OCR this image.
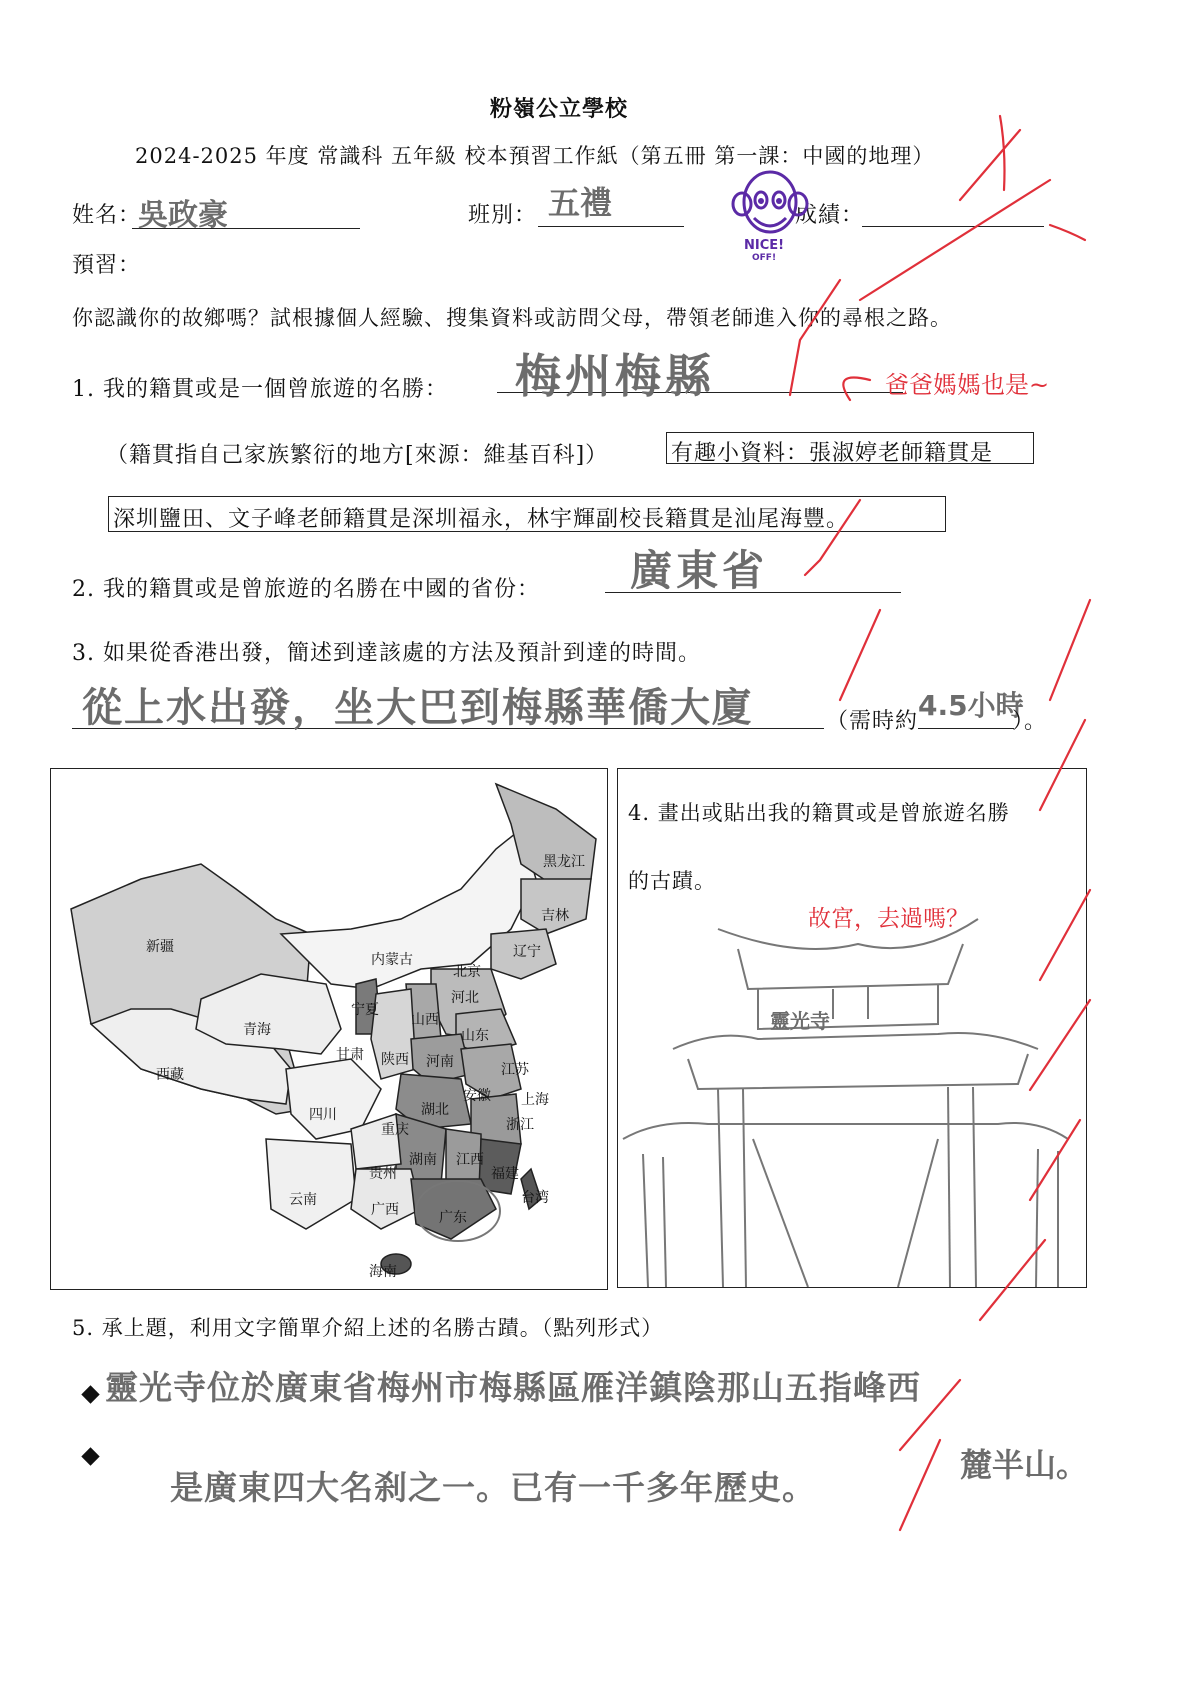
粉嶺公立學校
2024-2025 年度 常識科 五年級 校本預習工作紙（第五冊 第一課：中國的地理）
姓名：
吳政豪	班別： 五禮	成績：
NICE!
OFF!
預習：
你認識你的故鄉嗎？試根據個人經驗、搜集資料或訪問父母，帶領老師進入你的尋根之路。
1. 我的籍貫或是一個曾旅遊的名勝： 梅州梅縣
（籍貫指自己家族繁衍的地方[來源：維基百科]）	有趣小資料：張淑婷老師籍貫是
深圳鹽田、文子峰老師籍貫是深圳福永，林宇輝副校長籍貫是汕尾海豐。
2. 我的籍貫或是曾旅遊的名勝在中國的省份： 廣東省
3. 如果從香港出發，簡述到達該處的方法及預計到達的時間。
從上水出發，坐大巴到梅縣華僑大廈	（需時約 4.5小時
）。
黑龙江
吉林
辽宁
新疆
内蒙古
北京
河北
青海
宁夏
山西
山东
甘肃 陕西 河南	江苏
西藏
安徽 上海
四川	湖北
重庆	浙江
湖南 江西
贵州	福建
云南
广西	广东
台湾
海南
4. 畫出或貼出我的籍貫或是曾旅遊名勝
的古蹟。
靈光寺
5. 承上題，利用文字簡單介紹上述的名勝古蹟。（點列形式）
靈光寺位於廣東省梅州市梅縣區雁洋鎮陰那山五指峰西
麓半山。
是廣東四大名刹之一。已有一千多年歷史。
爸爸媽媽也是~
故宮，去過嗎？
